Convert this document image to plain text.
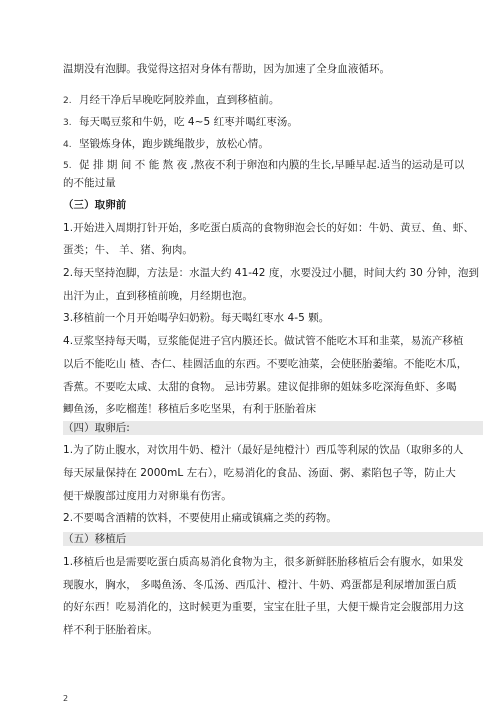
温期没有泡脚。我觉得这招对身体有帮助，因为加速了全身血液循环。
2. 月经干净后早晚吃阿胶养血，直到移植前。
3. 每天喝豆浆和牛奶，吃 4~5 红枣并喝红枣汤。
4. 坚锻炼身体，跑步跳绳散步，放松心情。
5. 促 排 期 间 不 能 熬 夜 ,熬夜不利于卵泡和内膜的生长,早睡早起.适当的运动是可以
的不能过量
（三）取卵前
1.开始进入周期打针开始，多吃蛋白质高的食物卵泡会长的好如：牛奶、黄豆、鱼、虾、
蛋类；牛、 羊、猪、狗肉。
2.每天坚持泡脚，方法是：水温大约 41-42 度，水要没过小腿，时间大约 30 分钟，泡到
出汗为止，直到移植前晚，月经期也泡。
3.移植前一个月开始喝孕妇奶粉。每天喝红枣水 4-5 颗。
4.豆浆坚持每天喝，豆浆能促进子宫内膜还长。做试管不能吃木耳和韭菜，易流产移植
以后不能吃山 楂、杏仁、桂圆活血的东西。不要吃油菜，会使胚胎萎缩。不能吃木瓜，
香蕉。不要吃太咸、太甜的食物。 忌讳劳累。建议促排卵的姐妹多吃深海鱼虾、多喝
鲫鱼汤，多吃榴莲！移植后多吃坚果，有利于胚胎着床
（四）取卵后:
1.为了防止腹水，对饮用牛奶、橙汁（最好是纯橙汁）西瓜等利尿的饮品（取卵多的人
每天尿量保持在 2000mL 左右），吃易消化的食品、汤面、粥、素陷包子等，防止大
便干燥腹部过度用力对卵巢有伤害。
2.不要喝含酒精的饮料，不要使用止痛或镇痛之类的药物。
（五）移植后
1.移植后也是需要吃蛋白质高易消化食物为主，很多新鲜胚胎移植后会有腹水，如果发
现腹水，胸水， 多喝鱼汤、冬瓜汤、西瓜汁、橙汁、牛奶、鸡蛋都是利尿增加蛋白质
的好东西！吃易消化的，这时候更为重要，宝宝在肚子里，大便干燥肯定会腹部用力这
样不利于胚胎着床。
2
